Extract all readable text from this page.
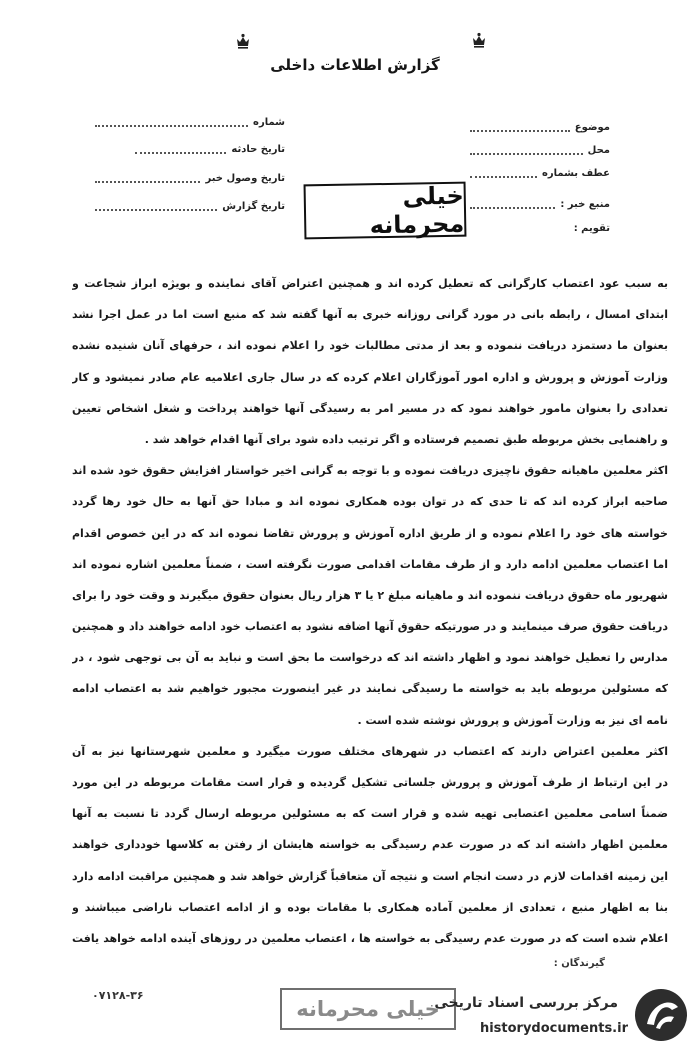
گزارش اطلاعات داخلی
موضوع
محل
عطف بشماره
منبع خبر :
تقویم :
شماره
تاریخ حادثه
تاریخ وصول خبر
تاریخ گزارش	خیلی محرمانه
به سبب عود اعتصاب کارگرانی که تعطیل کرده اند و همچنین اعتراض آقای نماینده و بویژه ابراز شجاعت و
ابتدای امسال ، رابطه بانی در مورد گرانی روزانه خبری به آنها گفته شد که منبع است اما در عمل اجرا نشد
بعنوان ما دستمزد دریافت ننموده و بعد از مدتی مطالبات خود را اعلام نموده اند ، حرفهای آنان شنیده نشده
وزارت آموزش و پرورش و اداره امور آموزگاران اعلام کرده که در سال جاری اعلامیه عام صادر نمیشود و کار
تعدادی را بعنوان مامور خواهند نمود که در مسیر امر به رسیدگی آنها خواهند پرداخت و شغل اشخاص تعیین
و راهنمایی بخش مربوطه طبق تصمیم فرستاده و اگر ترتیب داده شود برای آنها اقدام خواهد شد .
اکثر معلمین ماهیانه حقوق ناچیزی دریافت نموده و با توجه به گرانی اخیر خواستار افزایش حقوق خود شده اند
صاحبه ابراز کرده اند که تا حدی که در توان بوده همکاری نموده اند و مبادا حق آنها به حال خود رها گردد
خواسته های خود را اعلام نموده و از طریق اداره آموزش و پرورش تقاضا نموده اند که در این خصوص اقدام
اما اعتصاب معلمین ادامه دارد و از طرف مقامات اقدامی صورت نگرفته است ، ضمناً معلمین اشاره نموده اند
شهریور ماه حقوق دریافت ننموده اند و ماهیانه مبلغ ۲ یا ۳ هزار ریال بعنوان حقوق میگیرند و وقت خود را برای
دریافت حقوق صرف مینمایند و در صورتیکه حقوق آنها اضافه نشود به اعتصاب خود ادامه خواهند داد و همچنین
مدارس را تعطیل خواهند نمود و اظهار داشته اند که درخواست ما بحق است و نباید به آن بی توجهی شود ، در
که مسئولین مربوطه باید به خواسته ما رسیدگی نمایند در غیر اینصورت مجبور خواهیم شد به اعتصاب ادامه
نامه ای نیز به وزارت آموزش و پرورش نوشته شده است .
اکثر معلمین اعتراض دارند که اعتصاب در شهرهای مختلف صورت میگیرد و معلمین شهرستانها نیز به آن
در این ارتباط از طرف آموزش و پرورش جلساتی تشکیل گردیده و قرار است مقامات مربوطه در این مورد
ضمناً اسامی معلمین اعتصابی تهیه شده و قرار است که به مسئولین مربوطه ارسال گردد تا نسبت به آنها
معلمین اظهار داشته اند که در صورت عدم رسیدگی به خواسته هایشان از رفتن به کلاسها خودداری خواهند
این زمینه اقدامات لازم در دست انجام است و نتیجه آن متعاقباً گزارش خواهد شد و همچنین مراقبت ادامه دارد
بنا به اظهار منبع ، تعدادی از معلمین آماده همکاری با مقامات بوده و از ادامه اعتصاب ناراضی میباشند و
اعلام شده است که در صورت عدم رسیدگی به خواسته ها ، اعتصاب معلمین در روزهای آینده ادامه خواهد یافت
گیرندگان :
۰۷۱۲۸-۳۶
خیلی محرمانه
مرکز بررسی اسناد تاریخی
historydocuments.ir
